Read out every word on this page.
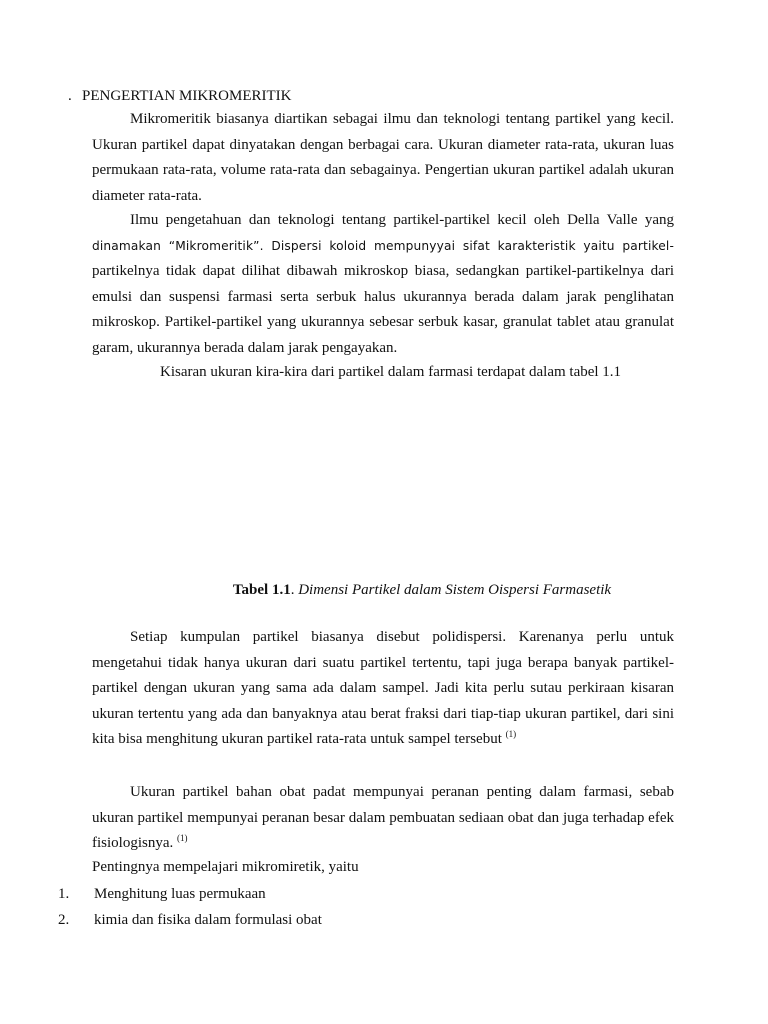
. PENGERTIAN MIKROMERITIK

Mikromeritik biasanya diartikan sebagai ilmu dan teknologi tentang partikel yang kecil. Ukuran partikel dapat dinyatakan dengan berbagai cara. Ukuran diameter rata-rata, ukuran luas permukaan rata-rata, volume rata-rata dan sebagainya. Pengertian ukuran partikel adalah ukuran diameter rata-rata.

Ilmu pengetahuan dan teknologi tentang partikel-partikel kecil oleh Della Valle yang dinamakan “Mikromeritik”. Dispersi koloid mempunyyai sifat karakteristik yaitu partikel-partikelnya tidak dapat dilihat dibawah mikroskop biasa, sedangkan partikel-partikelnya dari emulsi dan suspensi farmasi serta serbuk halus ukurannya berada dalam jarak penglihatan mikroskop. Partikel-partikel yang ukurannya sebesar serbuk kasar, granulat tablet atau granulat garam, ukurannya berada dalam jarak pengayakan.

Kisaran ukuran kira-kira dari partikel dalam farmasi terdapat dalam tabel 1.1
Tabel 1.1. Dimensi Partikel dalam Sistem Oispersi Farmasetik

Setiap kumpulan partikel biasanya disebut polidispersi. Karenanya perlu untuk mengetahui tidak hanya ukuran dari suatu partikel tertentu, tapi juga berapa banyak partikel-partikel dengan ukuran yang sama ada dalam sampel. Jadi kita perlu sutau perkiraan kisaran ukuran tertentu yang ada dan banyaknya atau berat fraksi dari tiap-tiap ukuran partikel, dari sini kita bisa menghitung ukuran partikel rata-rata untuk sampel tersebut $^{(1)}$

Ukuran partikel bahan obat padat mempunyai peranan penting dalam farmasi, sebab ukuran partikel mempunyai peranan besar dalam pembuatan sediaan obat dan juga terhadap efek fisiologisnya. $^{(1)}$

Pentingnya mempelajari mikromiretik, yaitu
1. Menghitung luas permukaan
2. kimia dan fisika dalam formulasi obat
